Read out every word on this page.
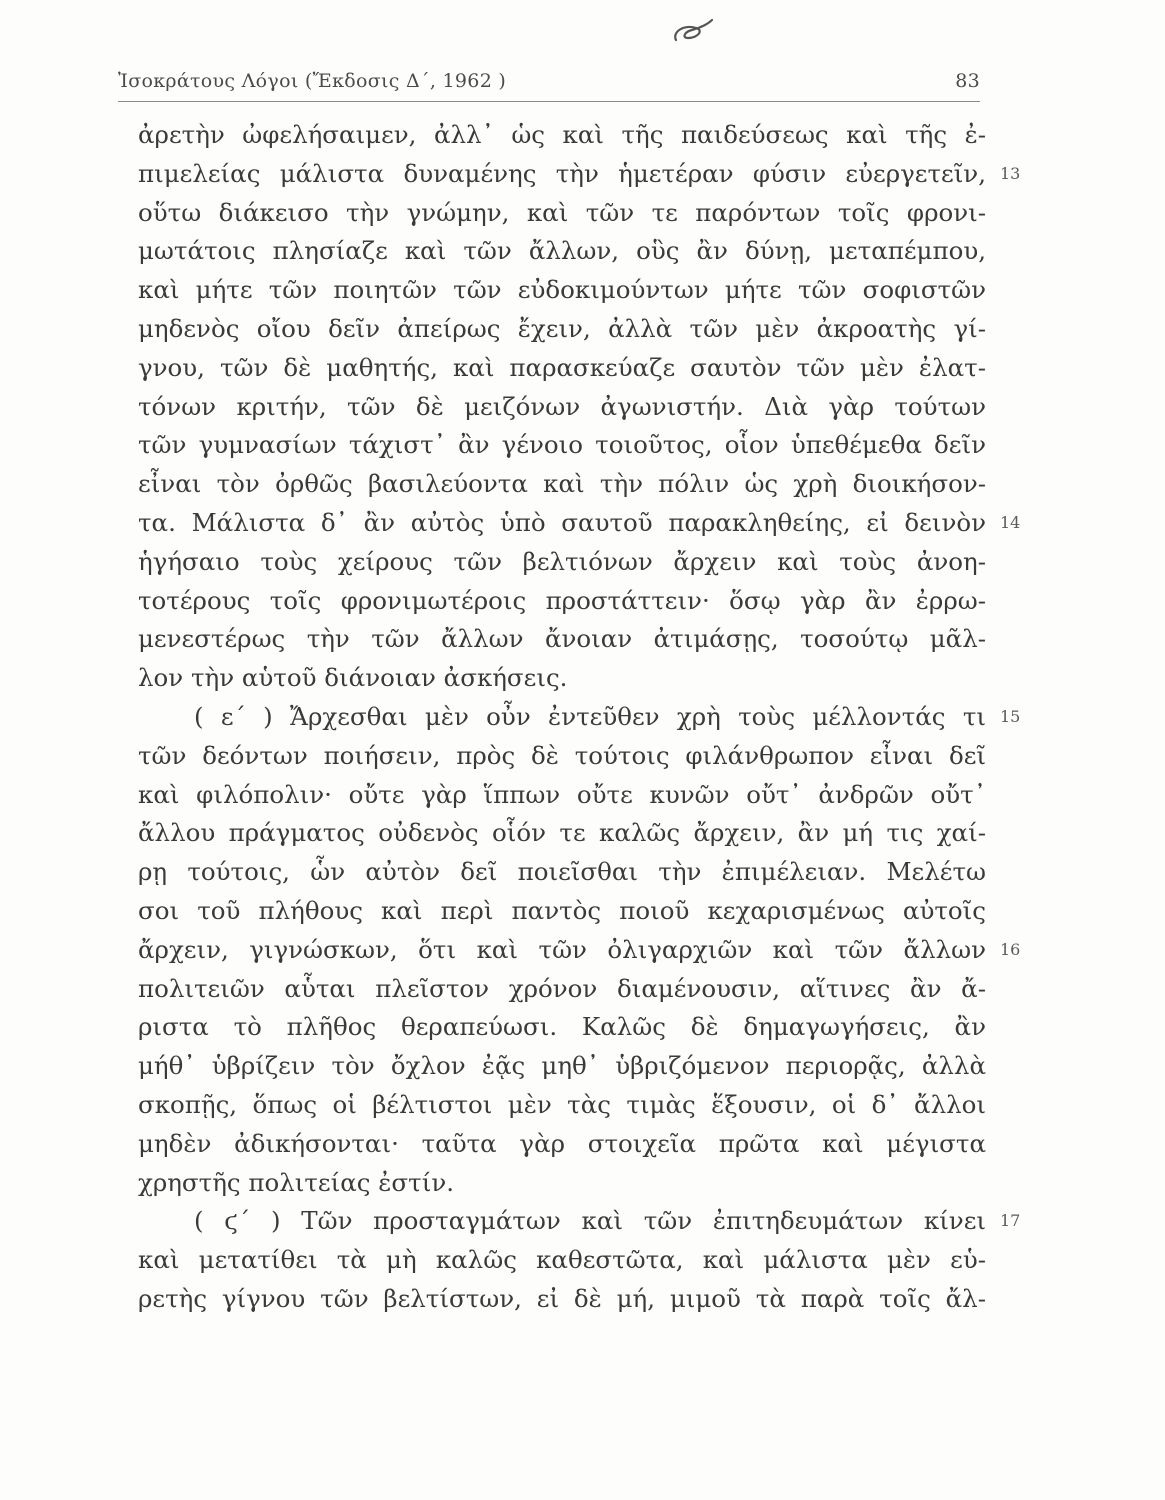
Ἰσοκράτους Λόγοι (Ἔκδοσις Δ΄, 1962 )	83
ἀρετὴν ὠφελήσαιμεν, ἀλλ᾿ ὡς καὶ τῆς παιδεύσεως καὶ τῆς ἐ-
πιμελείας μάλιστα δυναμένης τὴν ἡμετέραν φύσιν εὐεργετεῖν, 13
οὕτω διάκεισο τὴν γνώμην, καὶ τῶν τε παρόντων τοῖς φρονι-
μωτάτοις πλησίαζε καὶ τῶν ἄλλων, οὓς ἂν δύνῃ, μεταπέμπου,
καὶ μήτε τῶν ποιητῶν τῶν εὐδοκιμούντων μήτε τῶν σοφιστῶν
μηδενὸς οἴου δεῖν ἀπείρως ἔχειν, ἀλλὰ τῶν μὲν ἀκροατὴς γί-
γνου, τῶν δὲ μαθητής, καὶ παρασκεύαζε σαυτὸν τῶν μὲν ἐλατ-
τόνων κριτήν, τῶν δὲ μειζόνων ἀγωνιστήν. Διὰ γὰρ τούτων
τῶν γυμνασίων τάχιστ᾿ ἂν γένοιο τοιοῦτος, οἷον ὑπεθέμεθα δεῖν
εἶναι τὸν ὀρθῶς βασιλεύοντα καὶ τὴν πόλιν ὡς χρὴ διοικήσον-
τα. Μάλιστα δ᾿ ἂν αὐτὸς ὑπὸ σαυτοῦ παρακληθείης, εἰ δεινὸν 14
ἡγήσαιο τοὺς χείρους τῶν βελτιόνων ἄρχειν καὶ τοὺς ἀνοη-
τοτέρους τοῖς φρονιμωτέροις προστάττειν· ὅσῳ γὰρ ἂν ἐρρω-
μενεστέρως τὴν τῶν ἄλλων ἄνοιαν ἀτιμάσῃς, τοσούτῳ μᾶλ-
λον τὴν αὑτοῦ διάνοιαν ἀσκήσεις.
( ε΄ ) Ἄρχεσθαι μὲν οὖν ἐντεῦθεν χρὴ τοὺς μέλλοντάς τι 15
τῶν δεόντων ποιήσειν, πρὸς δὲ τούτοις φιλάνθρωπον εἶναι δεῖ
καὶ φιλόπολιν· οὔτε γὰρ ἵππων οὔτε κυνῶν οὔτ᾿ ἀνδρῶν οὔτ᾿
ἄλλου πράγματος οὐδενὸς οἷόν τε καλῶς ἄρχειν, ἂν μή τις χαί-
ρῃ τούτοις, ὧν αὐτὸν δεῖ ποιεῖσθαι τὴν ἐπιμέλειαν. Μελέτω
σοι τοῦ πλήθους καὶ περὶ παντὸς ποιοῦ κεχαρισμένως αὐτοῖς
ἄρχειν, γιγνώσκων, ὅτι καὶ τῶν ὀλιγαρχιῶν καὶ τῶν ἄλλων 16
πολιτειῶν αὗται πλεῖστον χρόνον διαμένουσιν, αἵτινες ἂν ἄ-
ριστα τὸ πλῆθος θεραπεύωσι. Καλῶς δὲ δημαγωγήσεις, ἂν
μήθ᾿ ὑβρίζειν τὸν ὄχλον ἐᾷς μηθ᾿ ὑβριζόμενον περιορᾷς, ἀλλὰ
σκοπῇς, ὅπως οἱ βέλτιστοι μὲν τὰς τιμὰς ἕξουσιν, οἱ δ᾿ ἄλλοι
μηδὲν ἀδικήσονται· ταῦτα γὰρ στοιχεῖα πρῶτα καὶ μέγιστα
χρηστῆς πολιτείας ἐστίν.
( ϛ΄ ) Τῶν προσταγμάτων καὶ τῶν ἐπιτηδευμάτων κίνει 17
καὶ μετατίθει τὰ μὴ καλῶς καθεστῶτα, καὶ μάλιστα μὲν εὑ-
ρετὴς γίγνου τῶν βελτίστων, εἰ δὲ μή, μιμοῦ τὰ παρὰ τοῖς ἄλ-
